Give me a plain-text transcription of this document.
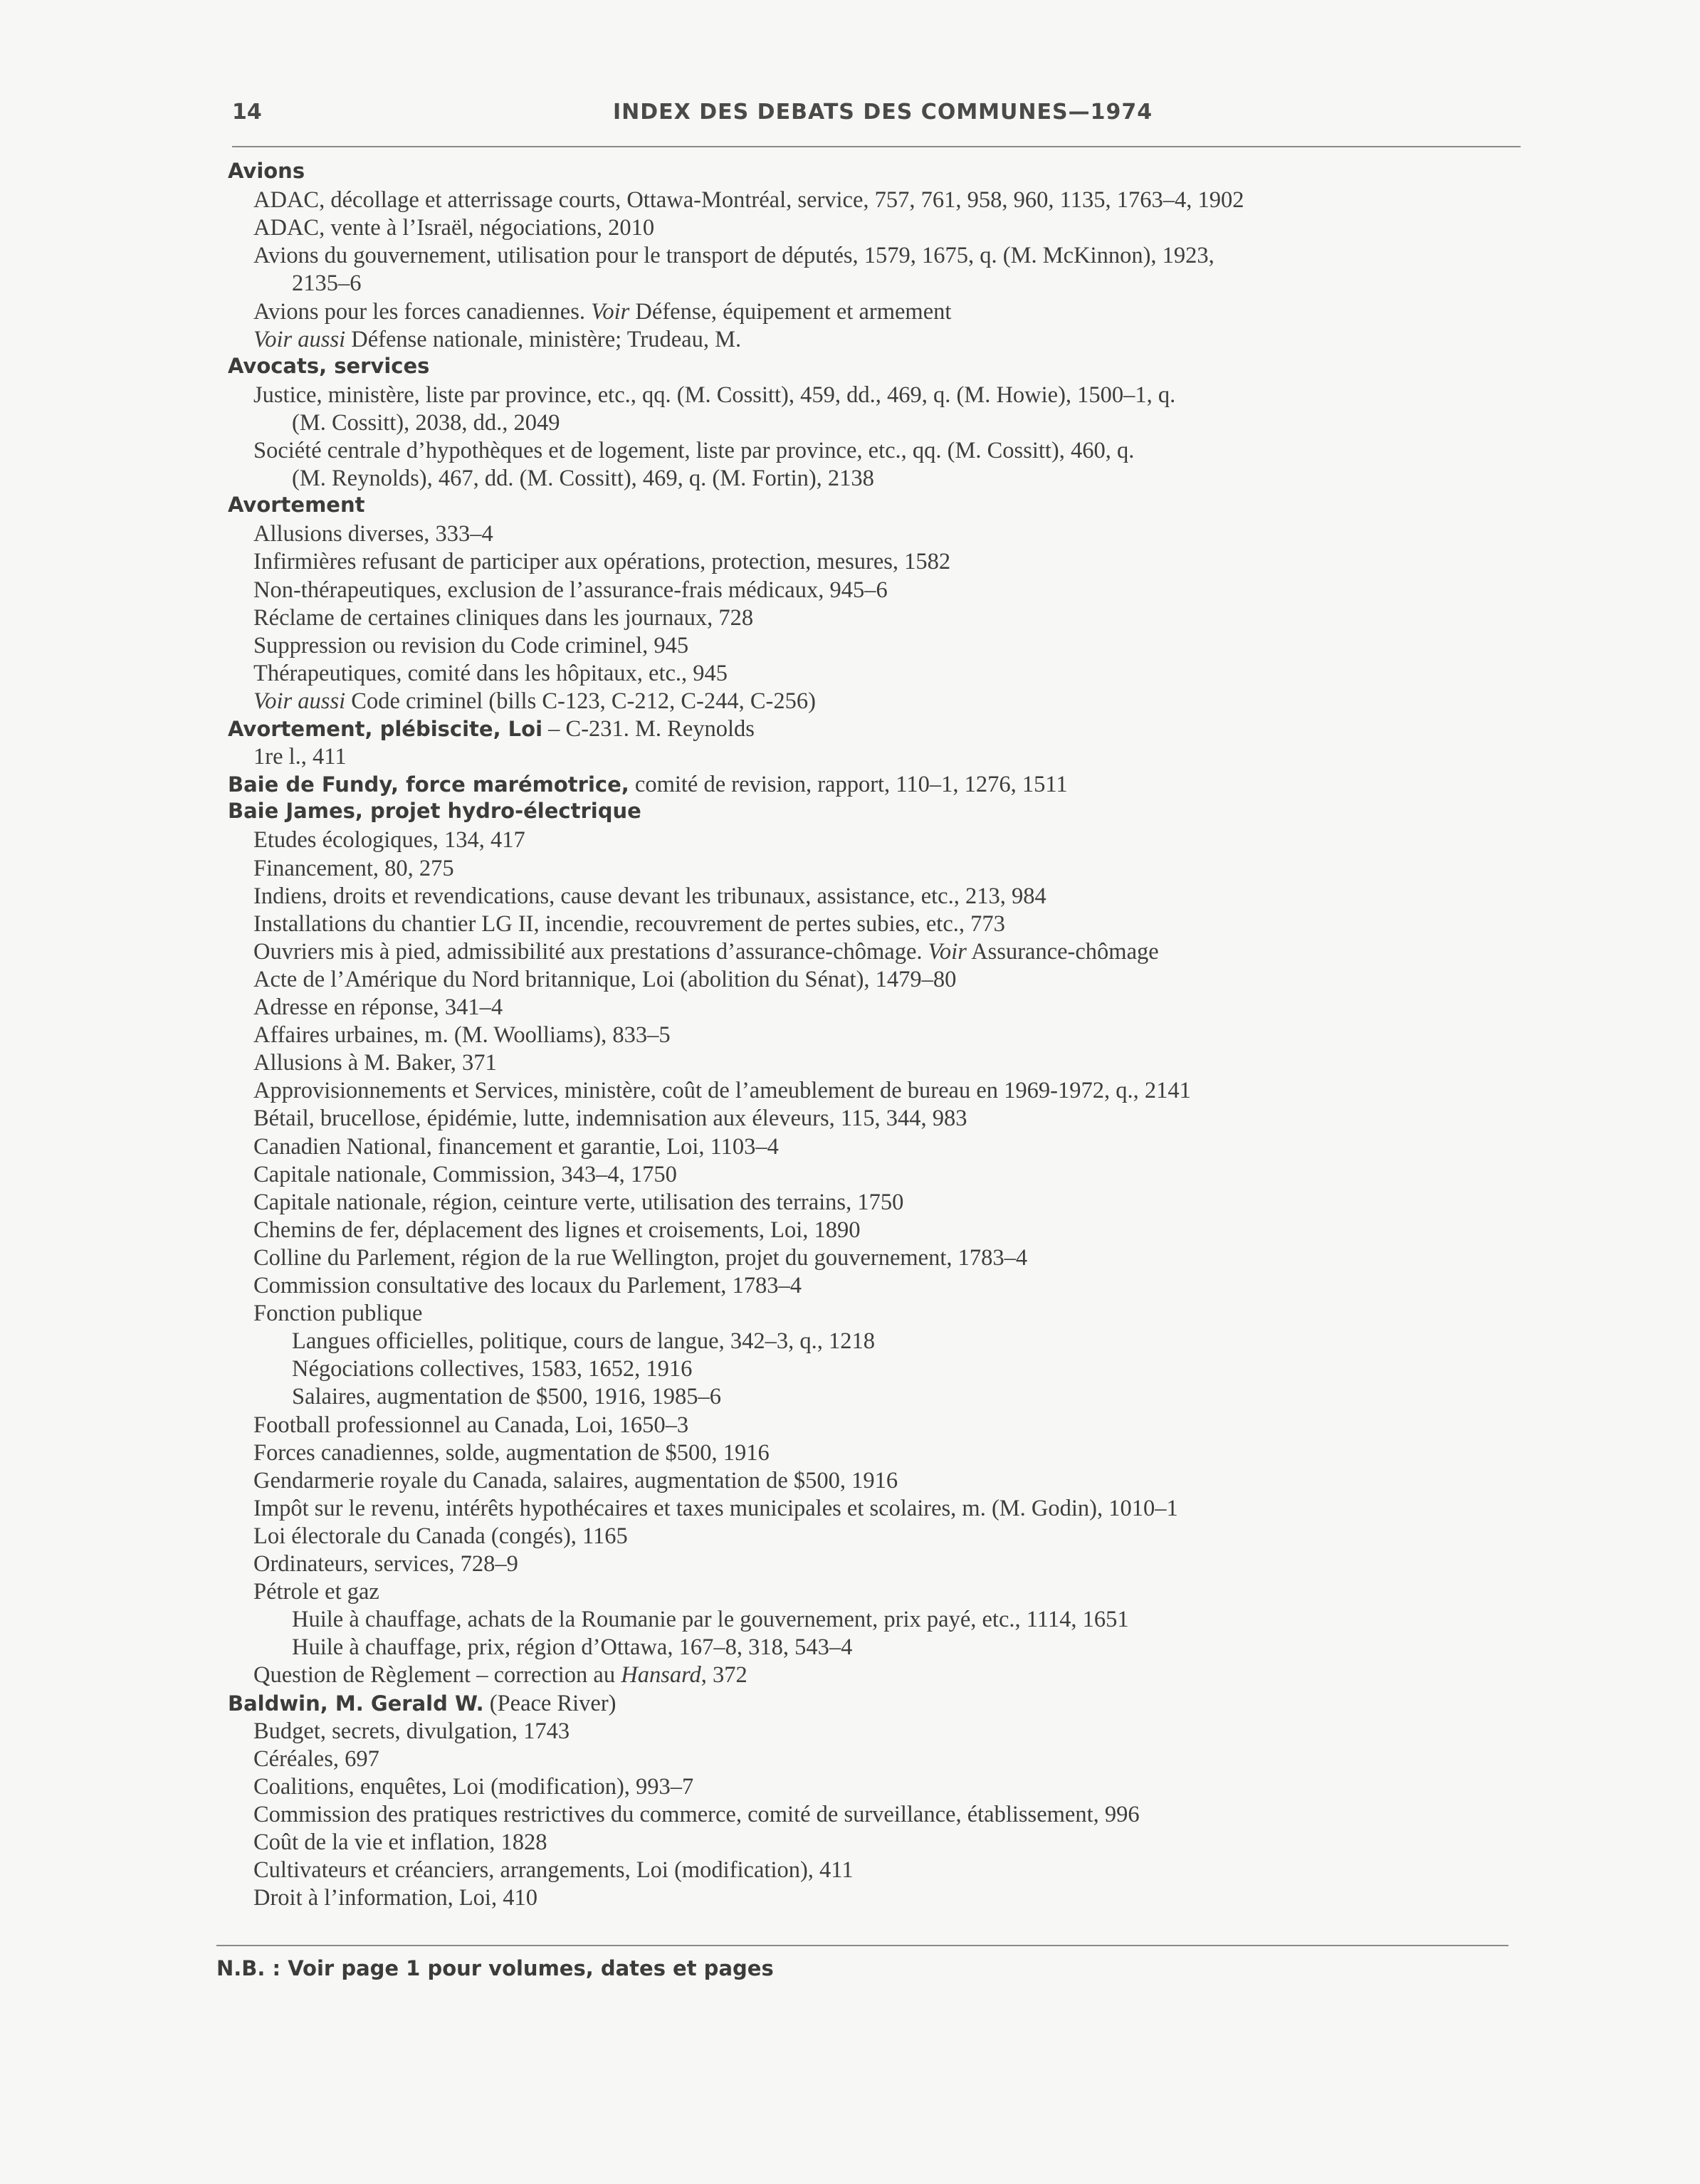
14	INDEX DES DEBATS DES COMMUNES—1974
Avions
ADAC, décollage et atterrissage courts, Ottawa-Montréal, service, 757, 761, 958, 960, 1135, 1763–4, 1902
ADAC, vente à l’Israël, négociations, 2010
Avions du gouvernement, utilisation pour le transport de députés, 1579, 1675, q. (M. McKinnon), 1923,
2135–6
Avions pour les forces canadiennes. Voir Défense, équipement et armement
Voir aussi Défense nationale, ministère; Trudeau, M.
Avocats, services
Justice, ministère, liste par province, etc., qq. (M. Cossitt), 459, dd., 469, q. (M. Howie), 1500–1, q.
(M. Cossitt), 2038, dd., 2049
Société centrale d’hypothèques et de logement, liste par province, etc., qq. (M. Cossitt), 460, q.
(M. Reynolds), 467, dd. (M. Cossitt), 469, q. (M. Fortin), 2138
Avortement
Allusions diverses, 333–4
Infirmières refusant de participer aux opérations, protection, mesures, 1582
Non-thérapeutiques, exclusion de l’assurance-frais médicaux, 945–6
Réclame de certaines cliniques dans les journaux, 728
Suppression ou revision du Code criminel, 945
Thérapeutiques, comité dans les hôpitaux, etc., 945
Voir aussi Code criminel (bills C-123, C-212, C-244, C-256)
Avortement, plébiscite, Loi – C-231. M. Reynolds
1re l., 411
Baie de Fundy, force marémotrice, comité de revision, rapport, 110–1, 1276, 1511
Baie James, projet hydro-électrique
Etudes écologiques, 134, 417
Financement, 80, 275
Indiens, droits et revendications, cause devant les tribunaux, assistance, etc., 213, 984
Installations du chantier LG II, incendie, recouvrement de pertes subies, etc., 773
Ouvriers mis à pied, admissibilité aux prestations d’assurance-chômage. Voir Assurance-chômage
Acte de l’Amérique du Nord britannique, Loi (abolition du Sénat), 1479–80
Adresse en réponse, 341–4
Affaires urbaines, m. (M. Woolliams), 833–5
Allusions à M. Baker, 371
Approvisionnements et Services, ministère, coût de l’ameublement de bureau en 1969-1972, q., 2141
Bétail, brucellose, épidémie, lutte, indemnisation aux éleveurs, 115, 344, 983
Canadien National, financement et garantie, Loi, 1103–4
Capitale nationale, Commission, 343–4, 1750
Capitale nationale, région, ceinture verte, utilisation des terrains, 1750
Chemins de fer, déplacement des lignes et croisements, Loi, 1890
Colline du Parlement, région de la rue Wellington, projet du gouvernement, 1783–4
Commission consultative des locaux du Parlement, 1783–4
Fonction publique
Langues officielles, politique, cours de langue, 342–3, q., 1218
Négociations collectives, 1583, 1652, 1916
Salaires, augmentation de $500, 1916, 1985–6
Football professionnel au Canada, Loi, 1650–3
Forces canadiennes, solde, augmentation de $500, 1916
Gendarmerie royale du Canada, salaires, augmentation de $500, 1916
Impôt sur le revenu, intérêts hypothécaires et taxes municipales et scolaires, m. (M. Godin), 1010–1
Loi électorale du Canada (congés), 1165
Ordinateurs, services, 728–9
Pétrole et gaz
Huile à chauffage, achats de la Roumanie par le gouvernement, prix payé, etc., 1114, 1651
Huile à chauffage, prix, région d’Ottawa, 167–8, 318, 543–4
Question de Règlement – correction au Hansard, 372
Baldwin, M. Gerald W. (Peace River)
Budget, secrets, divulgation, 1743
Céréales, 697
Coalitions, enquêtes, Loi (modification), 993–7
Commission des pratiques restrictives du commerce, comité de surveillance, établissement, 996
Coût de la vie et inflation, 1828
Cultivateurs et créanciers, arrangements, Loi (modification), 411
Droit à l’information, Loi, 410
N.B. : Voir page 1 pour volumes, dates et pages
